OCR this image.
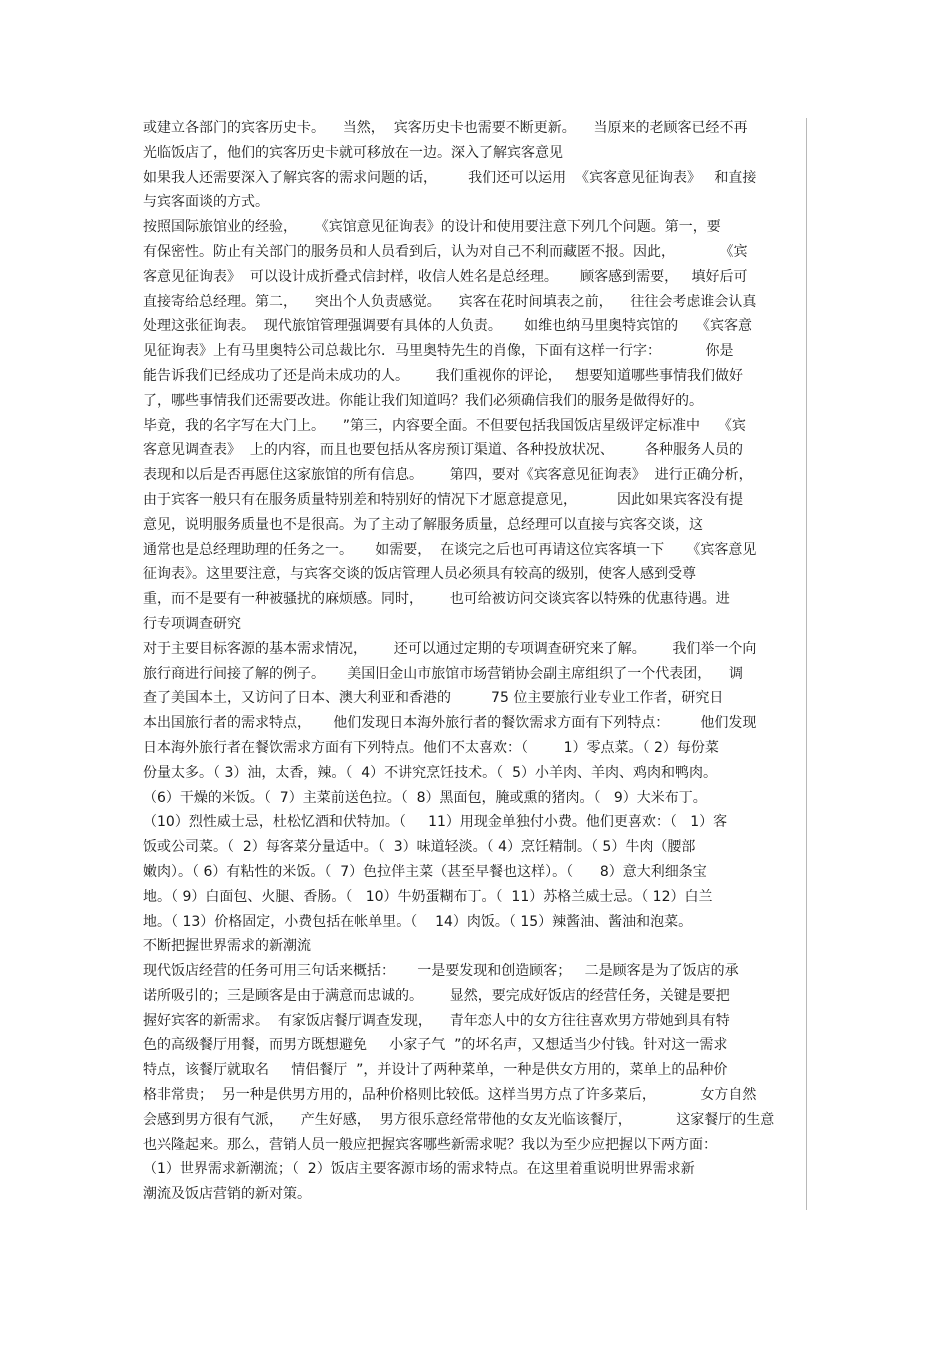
或建立各部门的宾客历史卡。    当然，  宾客历史卡也需要不断更新。    当原来的老顾客已经不再
光临饭店了，他们的宾客历史卡就可移放在一边。深入了解宾客意见
如果我人还需要深入了解宾客的需求问题的话，       我们还可以运用  《宾客意见征询表》   和直接
与宾客面谈的方式。
按照国际旅馆业的经验，    《宾馆意见征询表》的设计和使用要注意下列几个问题。第一，要
有保密性。防止有关部门的服务员和人员看到后，认为对自己不利而藏匿不报。因此，          《宾
客意见征询表》  可以设计成折叠式信封样，收信人姓名是总经理。     顾客感到需要，   填好后可
直接寄给总经理。第二，    突出个人负责感觉。    宾客在花时间填表之前，    往往会考虑谁会认真
处理这张征询表。  现代旅馆管理强调要有具体的人负责。     如维也纳马里奥特宾馆的    《宾客意
见征询表》上有马里奥特公司总裁比尔．马里奥特先生的肖像，下面有这样一行字：          你是
能告诉我们已经成功了还是尚未成功的人。      我们重视你的评论，   想要知道哪些事情我们做好
了，哪些事情我们还需要改进。你能让我们知道吗？我们必须确信我们的服务是做得好的。
毕竟，我的名字写在大门上。    ”第三，内容要全面。不但要包括我国饭店星级评定标准中    《宾
客意见调查表》  上的内容，而且也要包括从客房预订渠道、各种投放状况、       各种服务人员的
表现和以后是否再愿住这家旅馆的所有信息。      第四，要对《宾客意见征询表》  进行正确分析，
由于宾客一般只有在服务质量特别差和特别好的情况下才愿意提意见，         因此如果宾客没有提
意见，说明服务质量也不是很高。为了主动了解服务质量，总经理可以直接与宾客交谈，这
通常也是总经理助理的任务之一。     如需要，  在谈完之后也可再请这位宾客填一下     《宾客意见
征询表》。这里要注意，与宾客交谈的饭店管理人员必须具有较高的级别，使客人感到受尊
重，而不是要有一种被骚扰的麻烦感。同时，      也可给被访问交谈宾客以特殊的优惠待遇。进
行专项调查研究
对于主要目标客源的基本需求情况，      还可以通过定期的专项调查研究来了解。      我们举一个向
旅行商进行间接了解的例子。     美国旧金山市旅馆市场营销协会副主席组织了一个代表团，    调
查了美国本土，又访问了日本、澳大利亚和香港的         75 位主要旅行业专业工作者，研究日
本出国旅行者的需求特点，     他们发现日本海外旅行者的餐饮需求方面有下列特点：       他们发现
日本海外旅行者在餐饮需求方面有下列特点。他们不太喜欢：（        1）零点菜。（ 2）每份菜
份量太多。（ 3）油，太香，辣。（  4）不讲究烹饪技术。（  5）小羊肉、羊肉、鸡肉和鸭肉。
（6）干燥的米饭。（  7）主菜前送色拉。（  8）黑面包，腌或熏的猪肉。（   9）大米布丁。
（10）烈性威士忌，杜松忆酒和伏特加。（     11）用现金单独付小费。他们更喜欢：（   1）客
饭或公司菜。（  2）每客菜分量适中。（  3）味道轻淡。（ 4）烹饪精制。（ 5）牛肉（腰部
嫩肉）。（ 6）有粘性的米饭。（  7）色拉伴主菜（甚至早餐也这样）。（      8）意大利细条宝
地。（ 9）白面包、火腿、香肠。（   10）牛奶蛋糊布丁。（  11）苏格兰威士忌。（ 12）白兰
地。（ 13）价格固定，小费包括在帐单里。（    14）肉饭。（ 15）辣酱油、酱油和泡菜。
不断把握世界需求的新潮流
现代饭店经营的任务可用三句话来概括：     一是要发现和创造顾客；   二是顾客是为了饭店的承
诺所吸引的；三是顾客是由于满意而忠诚的。      显然，要完成好饭店的经营任务，关键是要把
握好宾客的新需求。  有家饭店餐厅调查发现，    青年恋人中的女方往往喜欢男方带她到具有特
色的高级餐厅用餐，而男方既想避免     小家子气  ”的坏名声，又想适当少付钱。针对这一需求
特点，该餐厅就取名     情侣餐厅  ”，并设计了两种菜单，一种是供女方用的，菜单上的品种价
格非常贵；  另一种是供男方用的，品种价格则比较低。这样当男方点了许多菜后，          女方自然
会感到男方很有气派，    产生好感，  男方很乐意经常带他的女友光临该餐厅，          这家餐厅的生意
也兴隆起来。那么，营销人员一般应把握宾客哪些新需求呢？我以为至少应把握以下两方面：
（1）世界需求新潮流；（  2）饭店主要客源市场的需求特点。在这里着重说明世界需求新
潮流及饭店营销的新对策。
